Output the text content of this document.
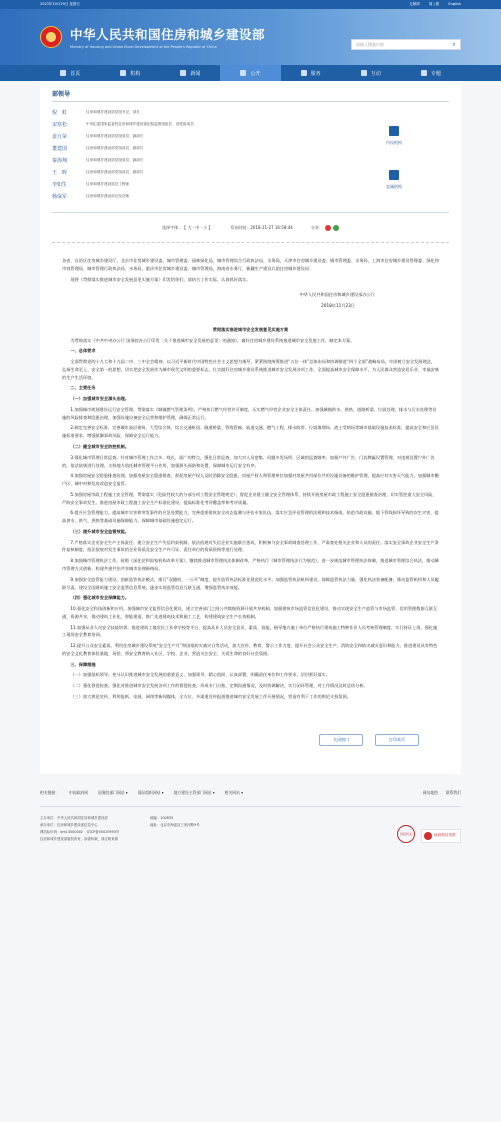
2023年10月29日 星期日	无障碍	简 | 繁	English
中华人民共和国住房和城乡建设部
Ministry of Housing and Urban-Rural Development of the People's Republic of China	请输入搜索内容	⌕
首页	机构	新闻	公开	服务	互动	专题
部领导
倪　虹	住房和城乡建设部党组书记、部长
宋寒松	中央纪委国家监委驻住房和城乡建设部纪检监察组组长、部党组成员
姜万荣	住房和城乡建设部党组成员、副部长
董建国	住房和城乡建设部党组成员、副部长
秦海翔	住房和城乡建设部党组成员、副部长
王　晖	住房和城乡建设部党组成员、副部长
李如生	住房和城乡建设部总工程师
杨保军	住房和城乡建设部总经济师
内设机构
直属机构
选择字体：【 大 · 中 · 小 】	发布时间：2018-11-27 16:58:44	分享：

各省、自治区住房城乡建设厅，北京市住房城乡建设委、城市管理委、园林绿化局、城市管理综合行政执法局、水务局，天津市住房城乡建设委、城市管理委、水务局，上海市住房城乡建设管理委、绿化和市容管理局、城市管理行政执法局、水务局，重庆市住房城乡建设委、城市管理局，海南省水务厅，新疆生产建设兵团住房城乡建设局：

现将《贯彻落实推进城市安全发展意见实施方案》印发给你们，请结合工作实际，认真抓好落实。

中华人民共和国住房和城乡建设部办公厅

2018年11月23日

贯彻落实推进城市安全发展意见实施方案

为贯彻落实《中共中央办公厅 国务院办公厅印发〈关于推进城市安全发展的意见〉的通知》，做好住房城乡建设系统推进城市安全发展工作，制定本方案。

一、总体要求

全面贯彻党的十九大和十九届二中、三中全会精神，以习近平新时代中国特色社会主义思想为指导，紧紧围绕统筹推进“五位一体”总体布局和协调推进“四个全面”战略布局，牢固树立安全发展理念，弘扬生命至上、安全第一的思想，切实把安全发展作为城市现代文明的重要标志，扎实做好住房城乡建设系统推进城市安全发展各项工作，全面提高城市安全保障水平，为人民群众营造安居乐业、幸福安康的生产生活环境。

二、主要任务

（一）加强城市安全源头治理。

1.加强城市规划建设运行安全管理。贯彻落实《城镇燃气管理条例》，严格执行燃气经营许可制度，压实燃气经营企业安全主体责任。加强城镇供水、供热、道路桥梁、垃圾处理、排水与污水处理等设施的风险排查和隐患治理，加强设施设备安全运营和维护管理，确保正常运行。

2.制定完善安全标准。完善城市高层建筑、大型综合体、综合交通枢纽、隧道桥梁、管线管廊、轨道交通、燃气工程、排水防涝、垃圾填埋场、渣土受纳场等城市基础设施技术标准，提高安全和应急设施标准要求，增强抵御事故风险、保障安全运行能力。

（二）健全城市安全防控机制。

3.强化城市管理日常巡查。针对城市管理工作点多、线长、面广的特点，强化日常巡查，加大对人员密集、问题多发场所、区域的巡查频率。加强户外广告、门店牌匾设置管理，对违规设置户外广告的，依法依规进行处理。支持地方依托城市管理平台作用，加强源头预防和处置，保障城市运行安全有序。

4.加强房屋安全隐患排查治理。加强房屋安全隐患排查，督促房屋产权人及时消除安全隐患。房屋产权人和管理单位加强对房屋共用部位共用设施设备的维护管理，提高应对灾害天气能力。加强城市棚户区、城中村和危房改造安全监管。

5.加强房屋市政工程施工安全管理。贯彻落实《危险性较大的分部分项工程安全管理规定》，督促企业建立健全安全管理体系，持续开展房屋市政工程施工安全隐患排查治理，切实管控重大安全风险，严防安全事故发生。推进房屋市政工程施工安全生产标准化建设，提高标准化考评覆盖率和考评质量。

6.提升应急管理能力。提高城市灾害和突发事件的应急处置能力，完善重要建筑安全动态监测与评估专家队伍，落实应急评估管理的法规和技术指南。防范市政设施、地下管线损坏导致的次生灾害，提高供水、供气、供热等基础设施保障能力，保障城市基础设施稳定运行。

（三）提升城市安全监管效能。

7.严格落实企业安全生产主体责任。建立安全生产失信约束机制，依法依规对失信企业实施联合惩戒，积极参与安全事故调查处理工作，严肃查处相关企业和人员的责任。落实安全事故企业安全生产条件复核制度，依法依规对发生事故的企业资质及安全生产许可证、责任单位的资质资格等进行处理。

8.加强城市管理执法工作。按照《深化党和国家机构改革方案》，继续推进城市管理执法体制改革，严格执行《城市管理执法行为规范》，进一步规范城市管理执法体制，推进城市管理综合执法，推动城市管理方式创新，构建共建共治共享城市治理新格局。

9.加强安全监管能力建设。创新监管执法模式，推行“双随机、一公开”制度，提升监管执法标准化规范化水平。加强监管执法机构建设，保障监管执法力量，强化执法装备配备，推动监管机构和人员履职尽责。建设全国建筑施工安全监管信息系统，逐步实现监管信息互联互通，增强监管执法效能。

（四）强化城市安全保障能力。

10.强化安全科技创新和应用。加强城市安全监管信息化建设，建立完善部门之间公共数据资源开放共享机制。加强建筑市场监管信息化建设，推动实现安全生产监管与市场监管、信用管理数据互联互通、资源共享，推动建筑工业化、智能建造，推广先进建筑技术和施工工艺，构建建筑安全生产长效机制。

11.加强从业人员安全技能培训。推进建筑工地农民工业余学校等平台，提高从业人员安全意识、素质、技能。指导地方施工单位严格执行建筑施工特种作业人员考核管理制度，实行持证上岗。强化施工现场安全教育培训。

12.提升公众安全素质。利用住房城乡建设系统“安全生产月”和国家防灾减灾日等活动，加大宣传、教育、警示工作力度，提升社会公众安全生产、消防安全和防灾减灾意识和能力。推进建设具有特色的安全文化教育体验基地、场馆，将安全教育纳入社区、学校、企业，营造关注安全、关爱生命的良好社会氛围。

三、保障措施

（一）加强组织领导。充分认识推进城市安全发展的重要意义，加强领导、精心组织、认真部署，明确责任单位和工作要求，层层抓好落实。

（二）强化督促检查。强化对推进城市安全发展各项工作的督促检查，形成专门台账，定期沟通情况，及时协调解决，实行闭环管理，对工作情况及时总结分析。

（三）加大舆论宣传。利用报纸、电视、网络等新闻媒体，全方位、多渠道宣传报道推进城市安全发展工作开展情况，营造有利于工作的舆论支持氛围。

关闭窗口	打印本页
相关链接：	中国政府网	国务院部门网站 ▾	国际组织网站 ▾	地方建设主管部门网站 ▾	相关网站 ▾	网站地图 联系我们
主办单位：中华人民共和国住房和城乡建设部
承办单位：住房和城乡建设部信息中心
网站标识码：bm13000002　京ICP备05020993号
住房和城乡建设部版权所有，如需转载，请注明来源
邮编：100835
地址：北京市海淀区三里河路9号
党政机关	政府网站找错
